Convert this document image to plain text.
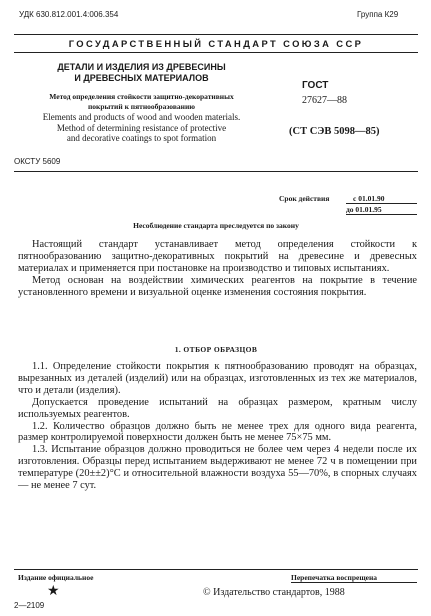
УДК 630.812.001.4:006.354	Группа К29
ГОСУДАРСТВЕННЫЙ СТАНДАРТ СОЮЗА ССР
ДЕТАЛИ И ИЗДЕЛИЯ ИЗ ДРЕВЕСИНЫ
И ДРЕВЕСНЫХ МАТЕРИАЛОВ
Метод определения стойкости защитно-декоративных
покрытий к пятнообразованию
Elements and products of wood and wooden materials.
Method of determining resistance of protective
and decorative coatings to spot formation
ГОСТ
27627—88
(СТ СЭВ 5098—85)
ОКСТУ 5609
Срок действия	с 01.01.90
до 01.01.95
Несоблюдение стандарта преследуется по закону

Настоящий стандарт устанавливает метод определения стойкости к пятнообразованию защитно-декоративных покрытий на древесине и древесных материалах и применяется при постановке на производство и типовых испытаниях.

Метод основан на воздействии химических реагентов на покрытие в течение установленного времени и визуальной оценке изменения состояния покрытия.

1. ОТБОР ОБРАЗЦОВ

1.1. Определение стойкости покрытия к пятнообразованию проводят на образцах, вырезанных из деталей (изделий) или на образцах, изготовленных из тех же материалов, что и детали (изделия).

Допускается проведение испытаний на образцах размером, кратным числу используемых реагентов.

1.2. Количество образцов должно быть не менее трех для одного вида реагента, размер контролируемой поверхности должен быть не менее 75×75 мм.

1.3. Испытание образцов должно проводиться не более чем через 4 недели после их изготовления. Образцы перед испытанием выдерживают не менее 72 ч в помещении при температуре (20±±2)°С и относительной влажности воздуха 55—70%, в спорных случаях — не менее 7 сут.

Издание официальное	Перепечатка воспрещена
★	© Издательство стандартов, 1988
2—2109
